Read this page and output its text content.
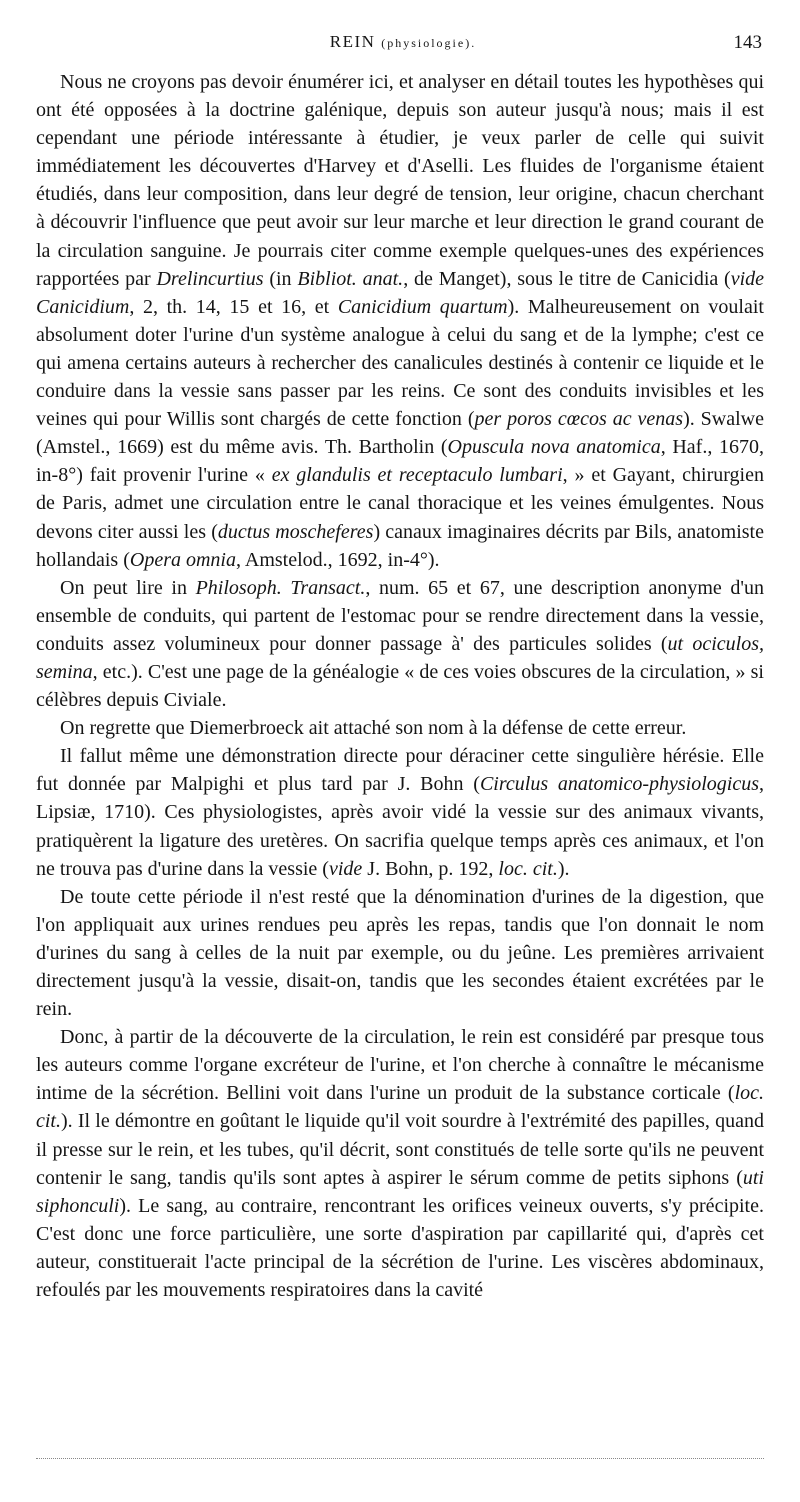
REIN (physiologie).	143

Nous ne croyons pas devoir énumérer ici, et analyser en détail toutes les hypothèses qui ont été opposées à la doctrine galénique, depuis son auteur jusqu'à nous; mais il est cependant une période intéressante à étudier, je veux parler de celle qui suivit immédiatement les découvertes d'Harvey et d'Aselli. Les fluides de l'organisme étaient étudiés, dans leur composition, dans leur degré de tension, leur origine, chacun cherchant à découvrir l'influence que peut avoir sur leur marche et leur direction le grand courant de la circulation sanguine. Je pourrais citer comme exemple quelques-unes des expériences rapportées par Drelincurtius (in Bibliot. anat., de Manget), sous le titre de Canicidia (vide Canicidium, 2, th. 14, 15 et 16, et Canicidium quartum). Malheureusement on voulait absolument doter l'urine d'un système analogue à celui du sang et de la lymphe; c'est ce qui amena certains auteurs à rechercher des canalicules destinés à contenir ce liquide et le conduire dans la vessie sans passer par les reins. Ce sont des conduits invisibles et les veines qui pour Willis sont chargés de cette fonction (per poros cœcos ac venas). Swalwe (Amstel., 1669) est du même avis. Th. Bartholin (Opuscula nova anatomica, Haf., 1670, in-8°) fait provenir l'urine « ex glandulis et receptaculo lumbari, » et Gayant, chirurgien de Paris, admet une circulation entre le canal thoracique et les veines émulgentes. Nous devons citer aussi les (ductus moscheferes) canaux imaginaires décrits par Bils, anatomiste hollandais (Opera omnia, Amstelod., 1692, in-4°).

On peut lire in Philosoph. Transact., num. 65 et 67, une description anonyme d'un ensemble de conduits, qui partent de l'estomac pour se rendre directement dans la vessie, conduits assez volumineux pour donner passage à' des particules solides (ut ociculos, semina, etc.). C'est une page de la généalogie « de ces voies obscures de la circulation, » si célèbres depuis Civiale.

On regrette que Diemerbroeck ait attaché son nom à la défense de cette erreur.

Il fallut même une démonstration directe pour déraciner cette singulière hérésie. Elle fut donnée par Malpighi et plus tard par J. Bohn (Circulus anatomico-physiologicus, Lipsiæ, 1710). Ces physiologistes, après avoir vidé la vessie sur des animaux vivants, pratiquèrent la ligature des uretères. On sacrifia quelque temps après ces animaux, et l'on ne trouva pas d'urine dans la vessie (vide J. Bohn, p. 192, loc. cit.).

De toute cette période il n'est resté que la dénomination d'urines de la digestion, que l'on appliquait aux urines rendues peu après les repas, tandis que l'on donnait le nom d'urines du sang à celles de la nuit par exemple, ou du jeûne. Les premières arrivaient directement jusqu'à la vessie, disait-on, tandis que les secondes étaient excrétées par le rein.

Donc, à partir de la découverte de la circulation, le rein est considéré par presque tous les auteurs comme l'organe excréteur de l'urine, et l'on cherche à connaître le mécanisme intime de la sécrétion. Bellini voit dans l'urine un produit de la substance corticale (loc. cit.). Il le démontre en goûtant le liquide qu'il voit sourdre à l'extrémité des papilles, quand il presse sur le rein, et les tubes, qu'il décrit, sont constitués de telle sorte qu'ils ne peuvent contenir le sang, tandis qu'ils sont aptes à aspirer le sérum comme de petits siphons (uti siphonculi). Le sang, au contraire, rencontrant les orifices veineux ouverts, s'y précipite. C'est donc une force particulière, une sorte d'aspiration par capillarité qui, d'après cet auteur, constituerait l'acte principal de la sécrétion de l'urine. Les viscères abdominaux, refoulés par les mouvements respiratoires dans la cavité
